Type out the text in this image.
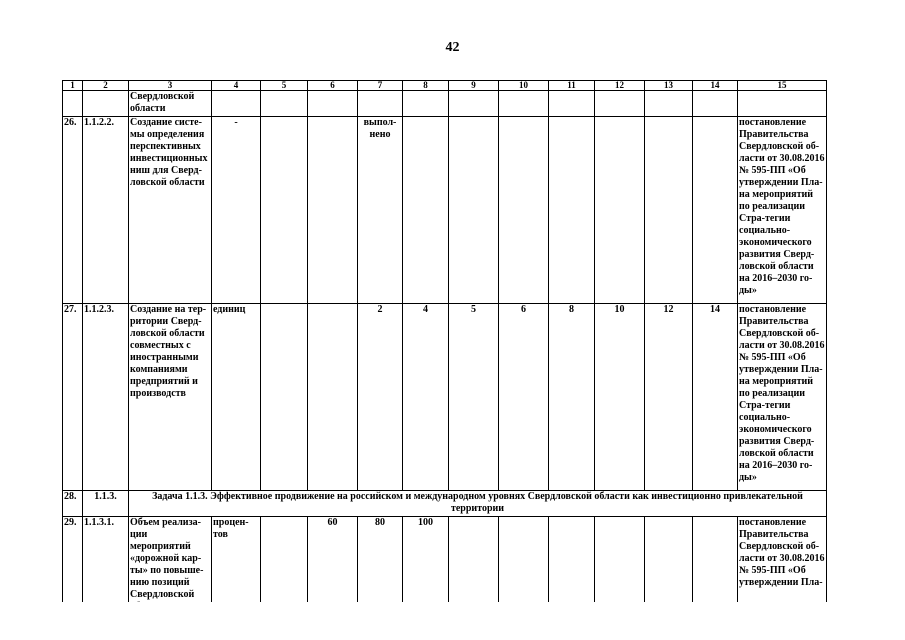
42
1	2	3	4	5	6	7	8	9	10	11	12	13	14	15
		Свердловской области												
26.	1.1.2.2.	Создание систе-мы определения перспективных инвестиционных ниш для Сверд-ловской области	-			выпол-нено								постановление Правительства Свердловской об-ласти от 30.08.2016 № 595-ПП «Об утверждении Пла-на мероприятий по реализации Стра-тегии социально-экономического развития Сверд-ловской области на 2016–2030 го-ды»
27.	1.1.2.3.	Создание на тер-ритории Сверд-ловской области совместных с иностранными компаниями предприятий и производств	единиц			2	4	5	6	8	10	12	14	постановление Правительства Свердловской об-ласти от 30.08.2016 № 595-ПП «Об утверждении Пла-на мероприятий по реализации Стра-тегии социально-экономического развития Сверд-ловской области на 2016–2030 го-ды»
28.	1.1.3.	Задача 1.1.3. Эффективное продвижение на российском и международном уровнях Свердловской области как инвестиционно привлекательной территории												
29.	1.1.3.1.	Объем реализа-ции мероприятий «дорожной кар-ты» по повыше-нию позиций Свердловской	процен-тов		60	80	100							постановление Правительства Свердловской об-ласти от 30.08.2016 № 595-ПП «Об утверждении Пла-
